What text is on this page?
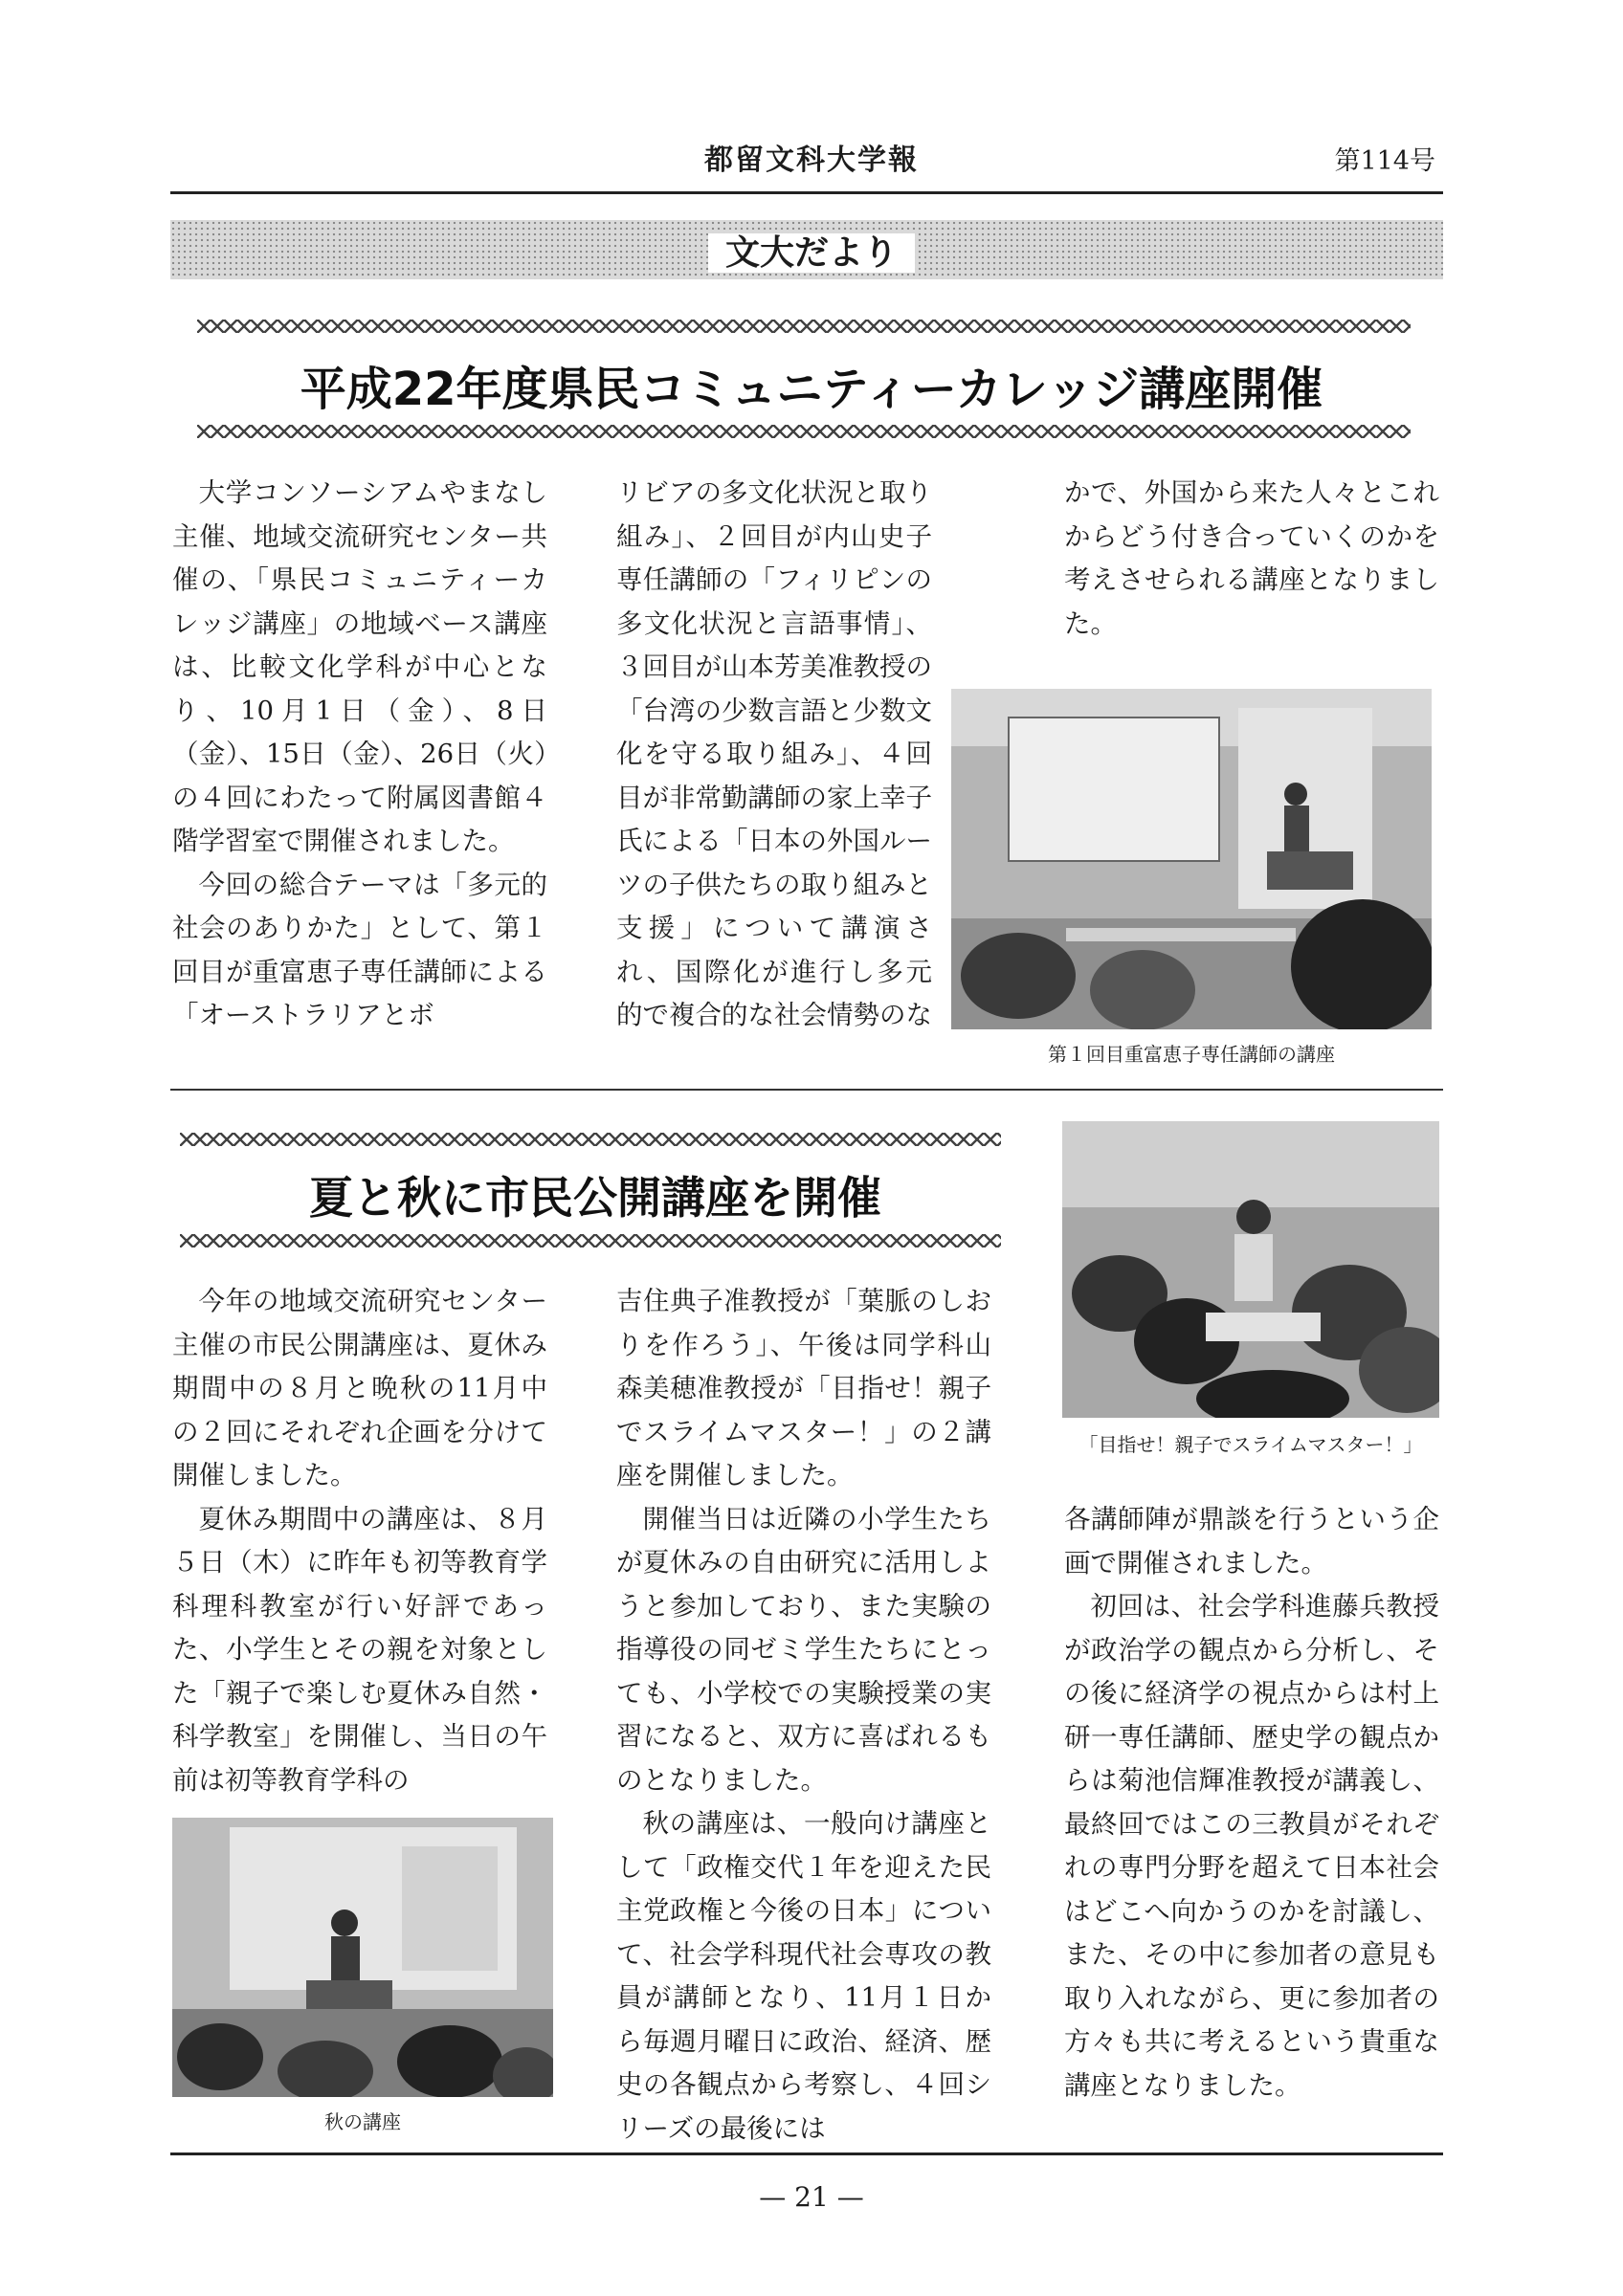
都留文科大学報	第114号
文大だより
平成22年度県民コミュニティーカレッジ講座開催

大学コンソーシアムやまなし主催、地域交流研究センター共催の、「県民コミュニティーカレッジ講座」の地域ベース講座は、比較文化学科が中心となり、10月1日（金）、8日（金）、15日（金）、26日（火）の４回にわたって附属図書館４階学習室で開催されました。

今回の総合テーマは「多元的社会のありかた」として、第１回目が重富恵子専任講師による「オーストラリアとボ

リビアの多文化状況と取り組み」、２回目が内山史子専任講師の「フィリピンの多文化状況と言語事情」、３回目が山本芳美准教授の「台湾の少数言語と少数文化を守る取り組み」、４回目が非常勤講師の家上幸子氏による「日本の外国ルーツの子供たちの取り組みと支援」について講演され、国際化が進行し多元的で複合的な社会情勢のな

かで、外国から来た人々とこれからどう付き合っていくのかを考えさせられる講座となりました。

第１回目重富恵子専任講師の講座
夏と秋に市民公開講座を開催
「目指せ！親子でスライムマスター！」

今年の地域交流研究センター主催の市民公開講座は、夏休み期間中の８月と晩秋の11月中の２回にそれぞれ企画を分けて開催しました。

夏休み期間中の講座は、８月５日（木）に昨年も初等教育学科理科教室が行い好評であった、小学生とその親を対象とした「親子で楽しむ夏休み自然・科学教室」を開催し、当日の午前は初等教育学科の

秋の講座

吉住典子准教授が「葉脈のしおりを作ろう」、午後は同学科山森美穂准教授が「目指せ！親子でスライムマスター！」の２講座を開催しました。

開催当日は近隣の小学生たちが夏休みの自由研究に活用しようと参加しており、また実験の指導役の同ゼミ学生たちにとっても、小学校での実験授業の実習になると、双方に喜ばれるものとなりました。

秋の講座は、一般向け講座として「政権交代１年を迎えた民主党政権と今後の日本」について、社会学科現代社会専攻の教員が講師となり、11月１日から毎週月曜日に政治、経済、歴史の各観点から考察し、４回シリーズの最後には

各講師陣が鼎談を行うという企画で開催されました。

初回は、社会学科進藤兵教授が政治学の観点から分析し、その後に経済学の視点からは村上研一専任講師、歴史学の観点からは菊池信輝准教授が講義し、最終回ではこの三教員がそれぞれの専門分野を超えて日本社会はどこへ向かうのかを討議し、また、その中に参加者の意見も取り入れながら、更に参加者の方々も共に考えるという貴重な講座となりました。

— 21 —
